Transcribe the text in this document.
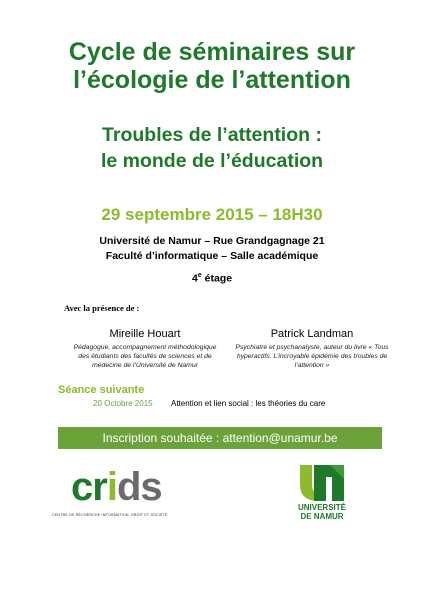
Cycle de séminaires sur
l’écologie de l’attention
Troubles de l’attention :
le monde de l’éducation
29 septembre 2015 – 18H30
Université de Namur – Rue Grandgagnage 21
Faculté d’informatique – Salle académique
4e étage
Avec la présence de :
Mireille Houart
Pédagogue, accompagnement méthodologique
des étudiants des facultés de sciences et de
médecine de l’Université de Namur
Patrick Landman
Psychiatre et psychanalyste, auteur du livre « Tous
hyperactifs. L’incroyable épidémie des troubles de
l’attention »
Séance suivante
20 Octobre 2015 Attention et lien social : les théories du care
Inscription souhaitée : attention@unamur.be
crids
CENTRE DE RECHERCHE INFORMATION, DROIT ET SOCIÉTÉ
UNIVERSITÉ
DE NAMUR
